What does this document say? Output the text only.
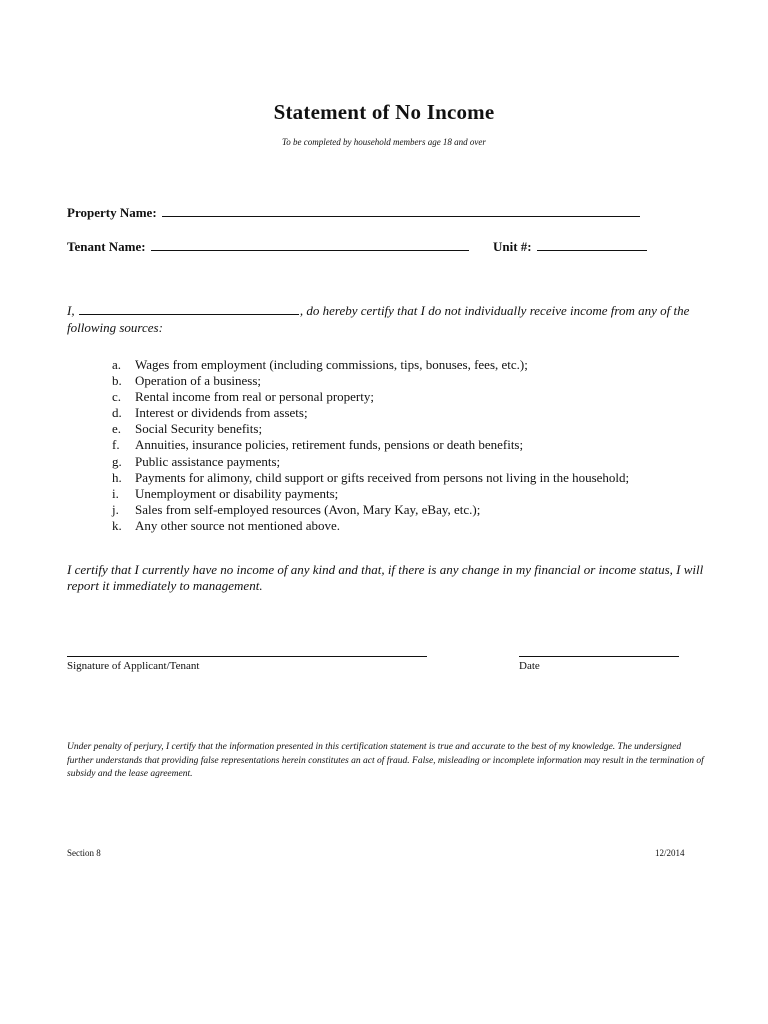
Statement of No Income
To be completed by household members age 18 and over
Property Name:
Tenant Name:	Unit #:
I,	, do hereby certify that I do not individually receive income from any of the following sources:
a. Wages from employment (including commissions, tips, bonuses, fees, etc.);
b. Operation of a business;
c. Rental income from real or personal property;
d. Interest or dividends from assets;
e. Social Security benefits;
f. Annuities, insurance policies, retirement funds, pensions or death benefits;
g. Public assistance payments;
h. Payments for alimony, child support or gifts received from persons not living in the household;
i. Unemployment or disability payments;
j. Sales from self-employed resources (Avon, Mary Kay, eBay, etc.);
k. Any other source not mentioned above.
I certify that I currently have no income of any kind and that, if there is any change in my financial or income status, I will report it immediately to management.
Signature of Applicant/Tenant	Date
Under penalty of perjury, I certify that the information presented in this certification statement is true and accurate to the best of my knowledge. The undersigned further understands that providing false representations herein constitutes an act of fraud. False, misleading or incomplete information may result in the termination of subsidy and the lease agreement.
Section 8	12/2014
